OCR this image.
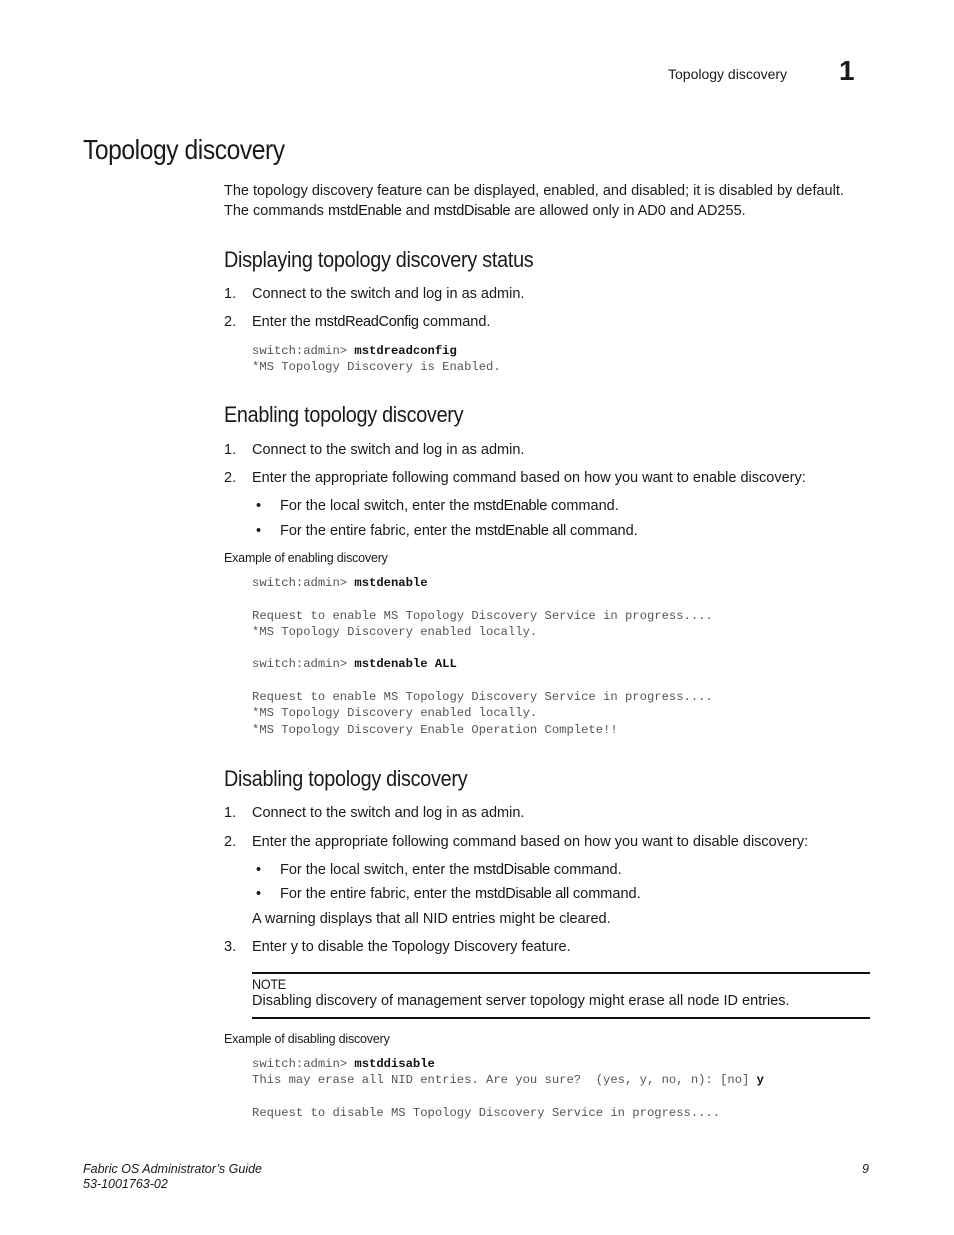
Topology discovery 1
Topology discovery
The topology discovery feature can be displayed, enabled, and disabled; it is disabled by default.
The commands mstdEnable and mstdDisable are allowed only in AD0 and AD255.
Displaying topology discovery status
1. Connect to the switch and log in as admin.
2. Enter the mstdReadConfig command.
switch:admin> mstdreadconfig
*MS Topology Discovery is Enabled.
Enabling topology discovery
1. Connect to the switch and log in as admin.
2. Enter the appropriate following command based on how you want to enable discovery:
• For the local switch, enter the mstdEnable command.
• For the entire fabric, enter the mstdEnable all command.
Example of enabling discovery
switch:admin> mstdenable

Request to enable MS Topology Discovery Service in progress....
*MS Topology Discovery enabled locally.

switch:admin> mstdenable ALL

Request to enable MS Topology Discovery Service in progress....
*MS Topology Discovery enabled locally.
*MS Topology Discovery Enable Operation Complete!!
Disabling topology discovery
1. Connect to the switch and log in as admin.
2. Enter the appropriate following command based on how you want to disable discovery:
• For the local switch, enter the mstdDisable command.
• For the entire fabric, enter the mstdDisable all command.
A warning displays that all NID entries might be cleared.
3. Enter y to disable the Topology Discovery feature.
NOTE
Disabling discovery of management server topology might erase all node ID entries.
Example of disabling discovery
switch:admin> mstddisable
This may erase all NID entries. Are you sure?  (yes, y, no, n): [no] y

Request to disable MS Topology Discovery Service in progress....
Fabric OS Administrator’s Guide
53-1001763-02
9
